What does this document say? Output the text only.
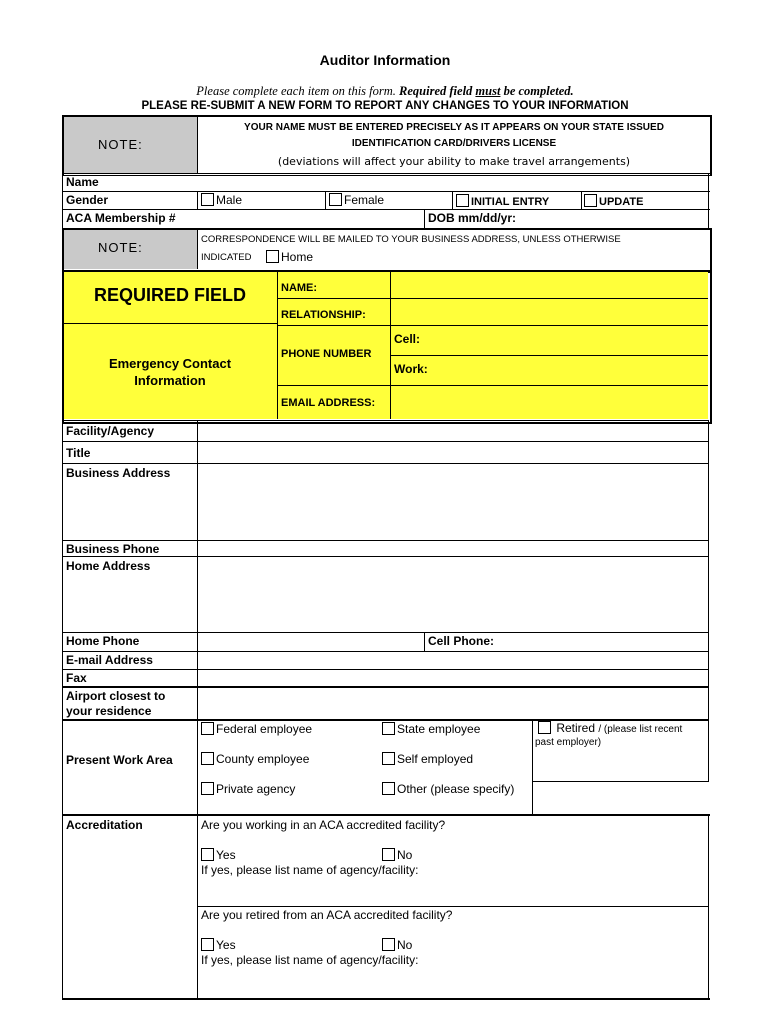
Auditor Information
Please complete each item on this form. Required field must be completed.
PLEASE RE-SUBMIT A NEW FORM TO REPORT ANY CHANGES TO YOUR INFORMATION
NOTE:
YOUR NAME MUST BE ENTERED PRECISELY AS IT APPEARS ON YOUR STATE ISSUED
IDENTIFICATION CARD/DRIVERS LICENSE
(deviations will affect your ability to make travel arrangements)
Name
Gender	Male	Female	INITIAL ENTRY	UPDATE
ACA Membership #	DOB mm/dd/yr:
NOTE:
CORRESPONDENCE WILL BE MAILED TO YOUR BUSINESS ADDRESS, UNLESS OTHERWISE
INDICATED	Home
REQUIRED FIELD
Emergency Contact
Information
NAME:
RELATIONSHIP:
PHONE NUMBER
Cell:
Work:
EMAIL ADDRESS:
Facility/Agency
Title
Business Address
Business Phone
Home Address
Home Phone	Cell Phone:
E-mail Address
Fax
Airport closest to
your residence
Present Work Area
Federal employee	State employee	Retired / (please list recent
past employer)
County employee	Self employed
Private agency	Other (please specify)
Accreditation	Are you working in an ACA accredited facility?
Yes	No
If yes, please list name of agency/facility:
Are you retired from an ACA accredited facility?
Yes	No
If yes, please list name of agency/facility:
